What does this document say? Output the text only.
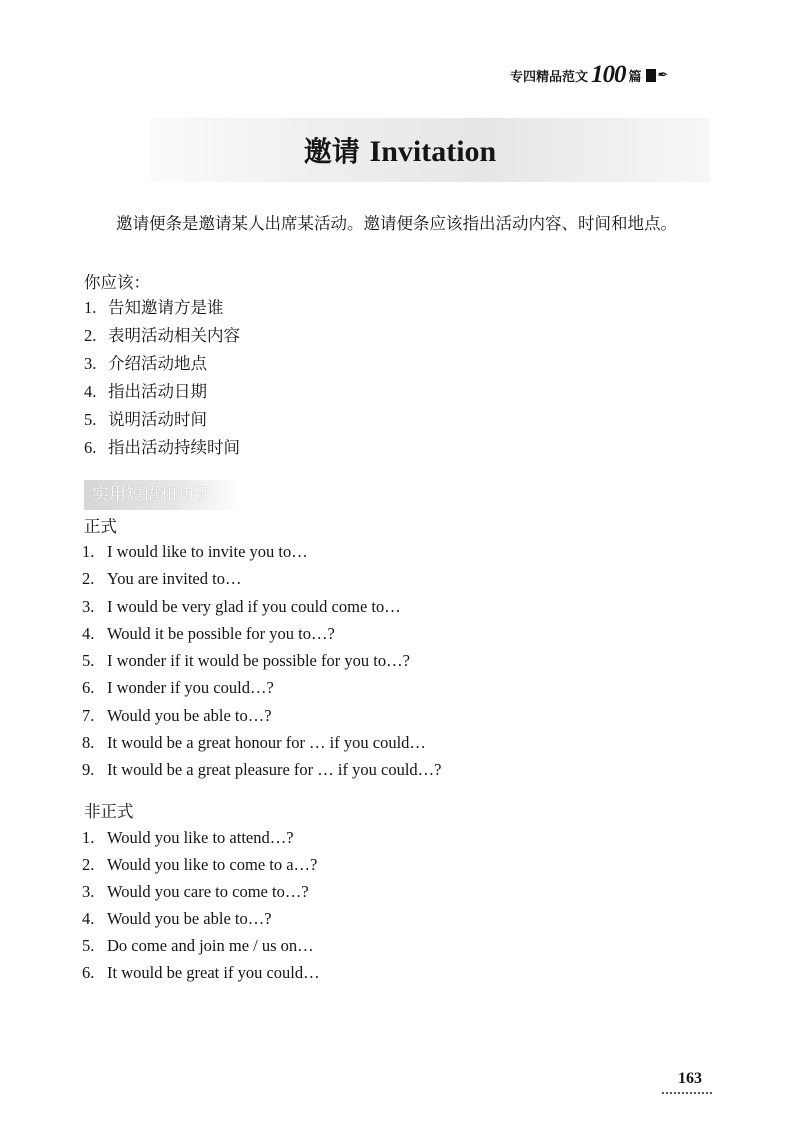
专四精品范文 100 篇 ✒
邀请 Invitation

邀请便条是邀请某人出席某活动。邀请便条应该指出活动内容、时间和地点。

你应该：
1. 告知邀请方是谁
2. 表明活动相关内容
3. 介绍活动地点
4. 指出活动日期
5. 说明活动时间
6. 指出活动持续时间
实用短语和句子
正式
1. I would like to invite you to…
2. You are invited to…
3. I would be very glad if you could come to…
4. Would it be possible for you to…?
5. I wonder if it would be possible for you to…?
6. I wonder if you could…?
7. Would you be able to…?
8. It would be a great honour for … if you could…
9. It would be a great pleasure for … if you could…?
非正式
1. Would you like to attend…?
2. Would you like to come to a…?
3. Would you care to come to…?
4. Would you be able to…?
5. Do come and join me / us on…
6. It would be great if you could…
163
